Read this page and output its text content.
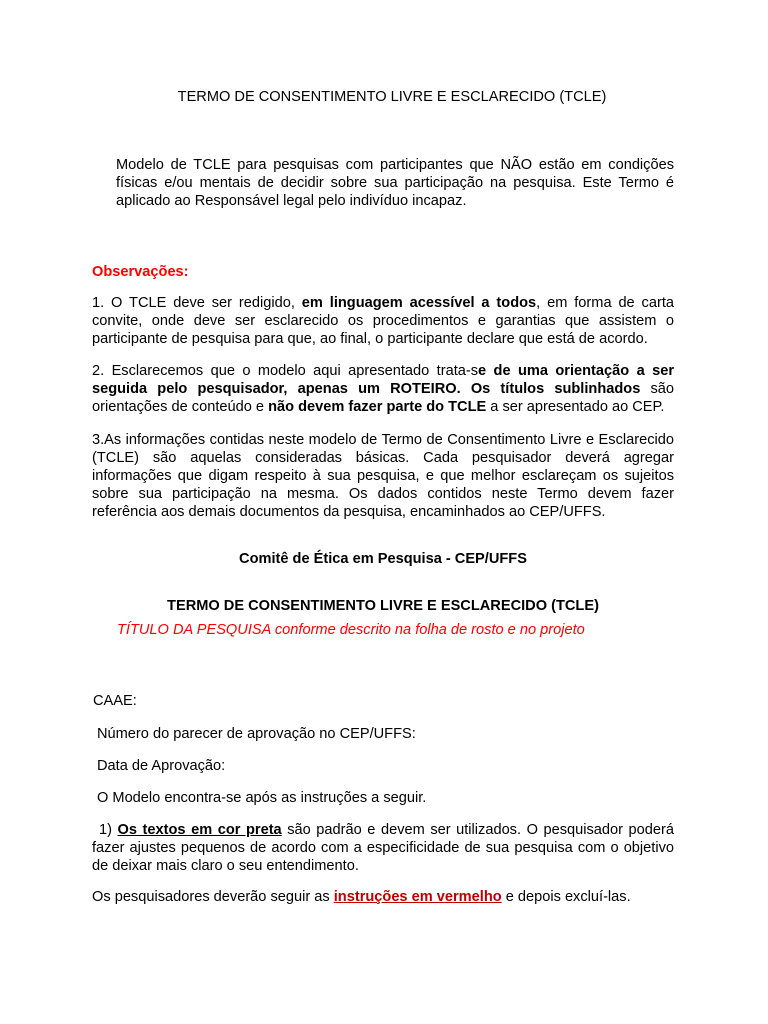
TERMO DE CONSENTIMENTO LIVRE E ESCLARECIDO (TCLE)
Modelo de TCLE para pesquisas com participantes que NÃO estão em condições físicas e/ou mentais de decidir sobre sua participação na pesquisa. Este Termo é aplicado ao Responsável legal pelo indivíduo incapaz.
Observações:
1. O TCLE deve ser redigido, em linguagem acessível a todos, em forma de carta convite, onde deve ser esclarecido os procedimentos e garantias que assistem o participante de pesquisa para que, ao final, o participante declare que está de acordo.
2. Esclarecemos que o modelo aqui apresentado trata-se de uma orientação a ser seguida pelo pesquisador, apenas um ROTEIRO. Os títulos sublinhados são orientações de conteúdo e não devem fazer parte do TCLE a ser apresentado ao CEP.
3.As informações contidas neste modelo de Termo de Consentimento Livre e Esclarecido (TCLE) são aquelas consideradas básicas. Cada pesquisador deverá agregar informações que digam respeito à sua pesquisa, e que melhor esclareçam os sujeitos sobre sua participação na mesma. Os dados contidos neste Termo devem fazer referência aos demais documentos da pesquisa, encaminhados ao CEP/UFFS.
Comitê de Ética em Pesquisa - CEP/UFFS
TERMO DE CONSENTIMENTO LIVRE E ESCLARECIDO (TCLE)
TÍTULO DA PESQUISA conforme descrito na folha de rosto e no projeto
CAAE:
Número do parecer de aprovação no CEP/UFFS:
Data de Aprovação:
O Modelo encontra-se após as instruções a seguir.
1) Os textos em cor preta são padrão e devem ser utilizados. O pesquisador poderá fazer ajustes pequenos de acordo com a especificidade de sua pesquisa com o objetivo de deixar mais claro o seu entendimento.
Os pesquisadores deverão seguir as instruções em vermelho e depois excluí-las.
